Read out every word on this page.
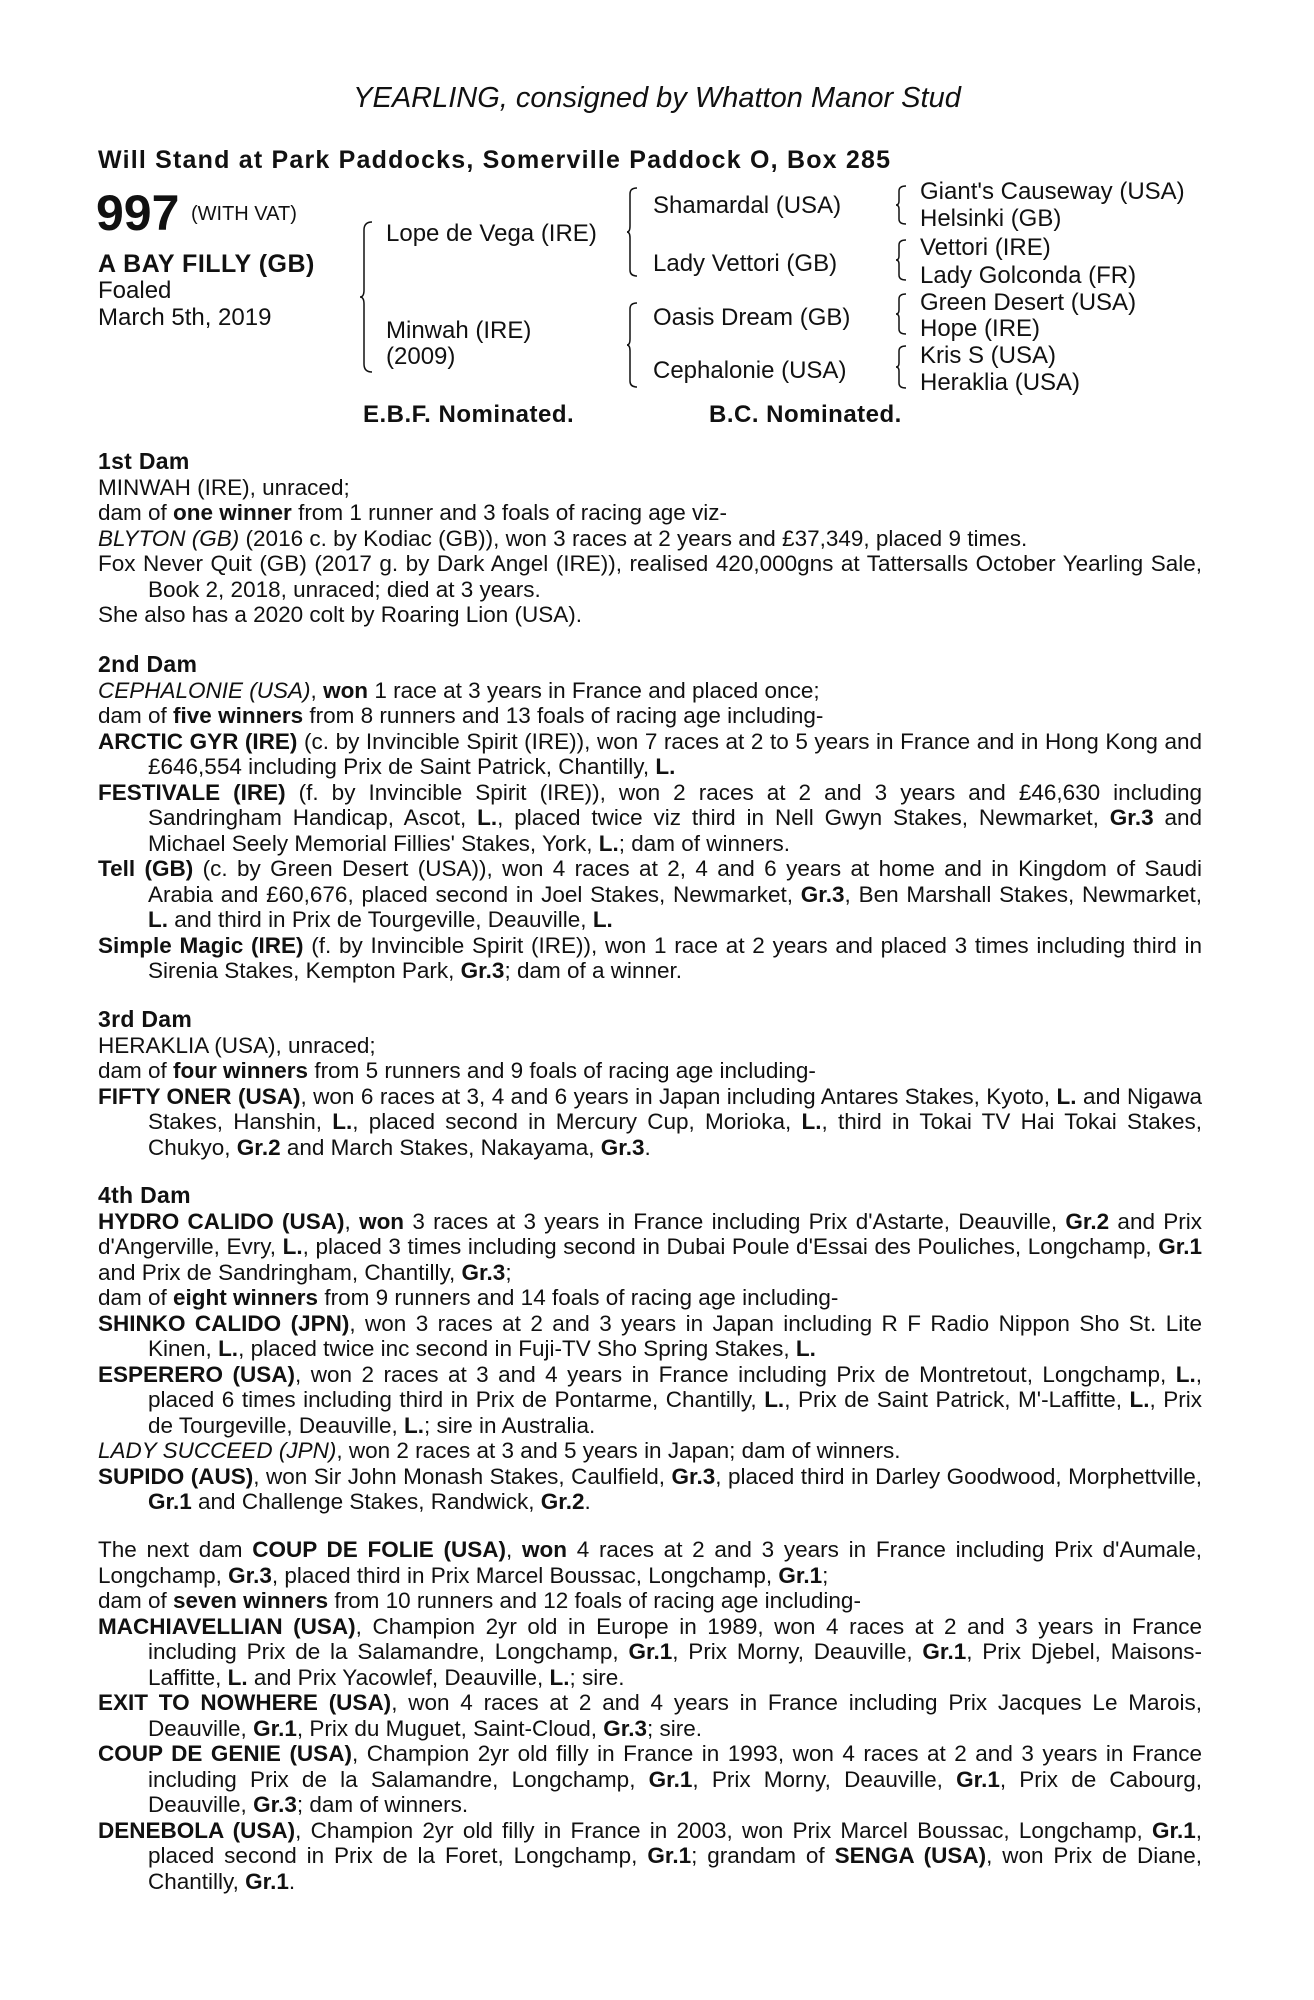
YEARLING, consigned by Whatton Manor Stud
Will Stand at Park Paddocks, Somerville Paddock O, Box 285
997 (WITH VAT)
A BAY FILLY (GB)
Foaled
March 5th, 2019
Lope de Vega (IRE)
Minwah (IRE)
(2009)
Shamardal (USA)
Lady Vettori (GB)
Oasis Dream (GB)
Cephalonie (USA)
Giant's Causeway (USA)
Helsinki (GB)
Vettori (IRE)
Lady Golconda (FR)
Green Desert (USA)
Hope (IRE)
Kris S (USA)
Heraklia (USA)
E.B.F. Nominated.	B.C. Nominated.

1st Dam

MINWAH (IRE), unraced;

dam of one winner from 1 runner and 3 foals of racing age viz-

BLYTON (GB) (2016 c. by Kodiac (GB)), won 3 races at 2 years and £37,349, placed 9 times.

Fox Never Quit (GB) (2017 g. by Dark Angel (IRE)), realised 420,000gns at Tattersalls October Yearling Sale, Book 2, 2018, unraced; died at 3 years.

She also has a 2020 colt by Roaring Lion (USA).

2nd Dam

CEPHALONIE (USA), won 1 race at 3 years in France and placed once;

dam of five winners from 8 runners and 13 foals of racing age including-

ARCTIC GYR (IRE) (c. by Invincible Spirit (IRE)), won 7 races at 2 to 5 years in France and in Hong Kong and £646,554 including Prix de Saint Patrick, Chantilly, L.

FESTIVALE (IRE) (f. by Invincible Spirit (IRE)), won 2 races at 2 and 3 years and £46,630 including Sandringham Handicap, Ascot, L., placed twice viz third in Nell Gwyn Stakes, Newmarket, Gr.3 and Michael Seely Memorial Fillies' Stakes, York, L.; dam of winners.

Tell (GB) (c. by Green Desert (USA)), won 4 races at 2, 4 and 6 years at home and in Kingdom of Saudi Arabia and £60,676, placed second in Joel Stakes, Newmarket, Gr.3, Ben Marshall Stakes, Newmarket, L. and third in Prix de Tourgeville, Deauville, L.

Simple Magic (IRE) (f. by Invincible Spirit (IRE)), won 1 race at 2 years and placed 3 times including third in Sirenia Stakes, Kempton Park, Gr.3; dam of a winner.

3rd Dam

HERAKLIA (USA), unraced;

dam of four winners from 5 runners and 9 foals of racing age including-

FIFTY ONER (USA), won 6 races at 3, 4 and 6 years in Japan including Antares Stakes, Kyoto, L. and Nigawa Stakes, Hanshin, L., placed second in Mercury Cup, Morioka, L., third in Tokai TV Hai Tokai Stakes, Chukyo, Gr.2 and March Stakes, Nakayama, Gr.3.

4th Dam

HYDRO CALIDO (USA), won 3 races at 3 years in France including Prix d'Astarte, Deauville, Gr.2 and Prix d'Angerville, Evry, L., placed 3 times including second in Dubai Poule d'Essai des Pouliches, Longchamp, Gr.1 and Prix de Sandringham, Chantilly, Gr.3;

dam of eight winners from 9 runners and 14 foals of racing age including-

SHINKO CALIDO (JPN), won 3 races at 2 and 3 years in Japan including R F Radio Nippon Sho St. Lite Kinen, L., placed twice inc second in Fuji-TV Sho Spring Stakes, L.

ESPERERO (USA), won 2 races at 3 and 4 years in France including Prix de Montretout, Longchamp, L., placed 6 times including third in Prix de Pontarme, Chantilly, L., Prix de Saint Patrick, M'-Laffitte, L., Prix de Tourgeville, Deauville, L.; sire in Australia.

LADY SUCCEED (JPN), won 2 races at 3 and 5 years in Japan; dam of winners.

SUPIDO (AUS), won Sir John Monash Stakes, Caulfield, Gr.3, placed third in Darley Goodwood, Morphettville, Gr.1 and Challenge Stakes, Randwick, Gr.2.

The next dam COUP DE FOLIE (USA), won 4 races at 2 and 3 years in France including Prix d'Aumale, Longchamp, Gr.3, placed third in Prix Marcel Boussac, Longchamp, Gr.1;

dam of seven winners from 10 runners and 12 foals of racing age including-

MACHIAVELLIAN (USA), Champion 2yr old in Europe in 1989, won 4 races at 2 and 3 years in France including Prix de la Salamandre, Longchamp, Gr.1, Prix Morny, Deauville, Gr.1, Prix Djebel, Maisons-Laffitte, L. and Prix Yacowlef, Deauville, L.; sire.

EXIT TO NOWHERE (USA), won 4 races at 2 and 4 years in France including Prix Jacques Le Marois, Deauville, Gr.1, Prix du Muguet, Saint-Cloud, Gr.3; sire.

COUP DE GENIE (USA), Champion 2yr old filly in France in 1993, won 4 races at 2 and 3 years in France including Prix de la Salamandre, Longchamp, Gr.1, Prix Morny, Deauville, Gr.1, Prix de Cabourg, Deauville, Gr.3; dam of winners.

DENEBOLA (USA), Champion 2yr old filly in France in 2003, won Prix Marcel Boussac, Longchamp, Gr.1, placed second in Prix de la Foret, Longchamp, Gr.1; grandam of SENGA (USA), won Prix de Diane, Chantilly, Gr.1.
